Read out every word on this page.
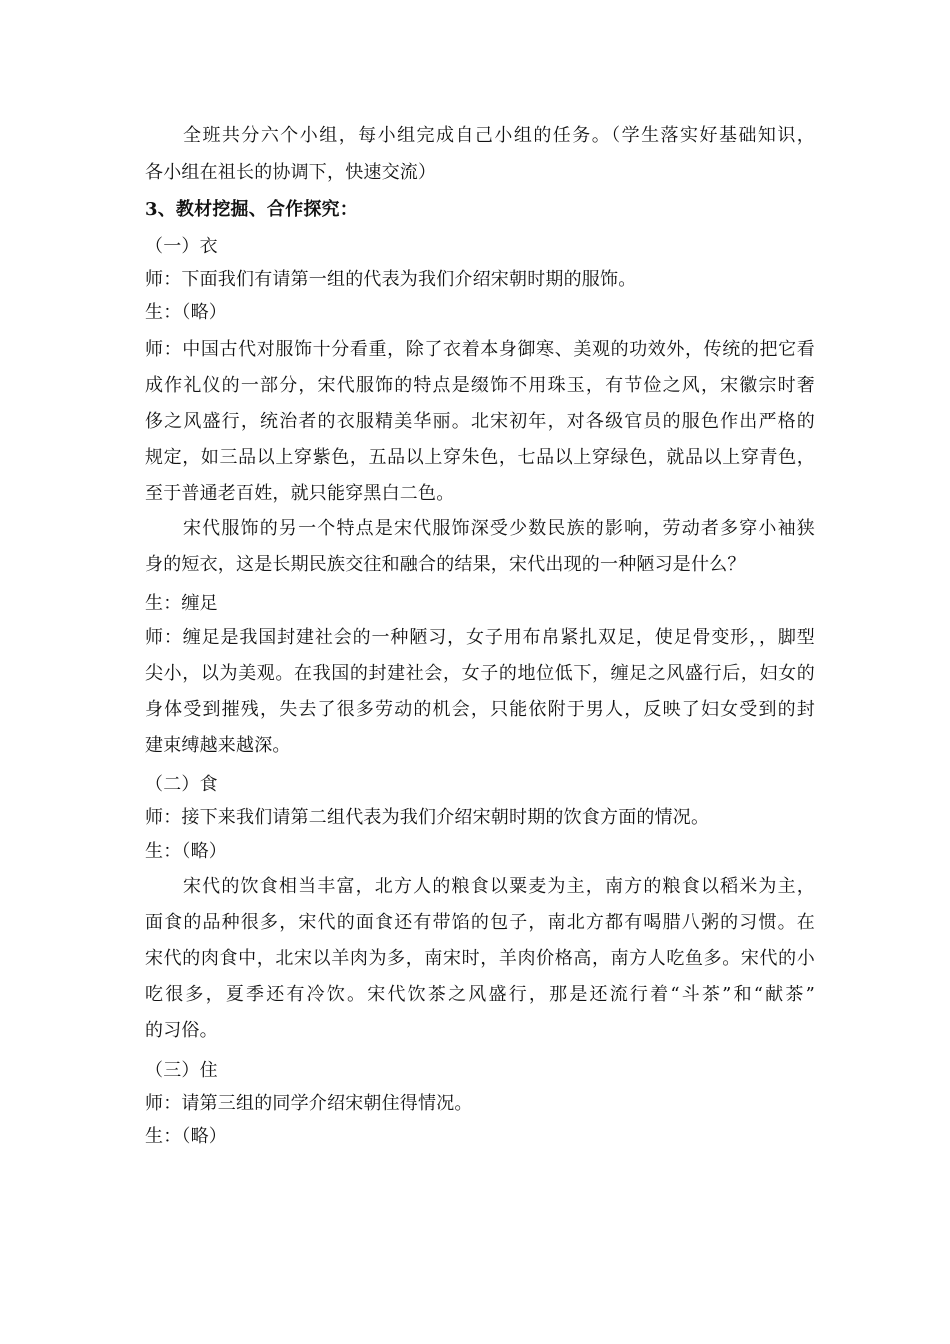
全班共分六个小组，每小组完成自己小组的任务。（学生落实好基础知识，
各小组在祖长的协调下，快速交流）
3、教材挖掘、合作探究：
（一）衣
师：下面我们有请第一组的代表为我们介绍宋朝时期的服饰。
生：（略）
师：中国古代对服饰十分看重，除了衣着本身御寒、美观的功效外，传统的把它看
成作礼仪的一部分，宋代服饰的特点是缀饰不用珠玉，有节俭之风，宋徽宗时奢
侈之风盛行，统治者的衣服精美华丽。北宋初年，对各级官员的服色作出严格的
规定，如三品以上穿紫色，五品以上穿朱色，七品以上穿绿色，就品以上穿青色，
至于普通老百姓，就只能穿黑白二色。
宋代服饰的另一个特点是宋代服饰深受少数民族的影响，劳动者多穿小袖狭
身的短衣，这是长期民族交往和融合的结果，宋代出现的一种陋习是什么？
生：缠足
师：缠足是我国封建社会的一种陋习，女子用布帛紧扎双足，使足骨变形，，脚型
尖小，以为美观。在我国的封建社会，女子的地位低下，缠足之风盛行后，妇女的
身体受到摧残，失去了很多劳动的机会，只能依附于男人，反映了妇女受到的封
建束缚越来越深。
（二）食
师：接下来我们请第二组代表为我们介绍宋朝时期的饮食方面的情况。
生：（略）
宋代的饮食相当丰富，北方人的粮食以粟麦为主，南方的粮食以稻米为主，
面食的品种很多，宋代的面食还有带馅的包子，南北方都有喝腊八粥的习惯。在
宋代的肉食中，北宋以羊肉为多，南宋时，羊肉价格高，南方人吃鱼多。宋代的小
吃很多，夏季还有冷饮。宋代饮茶之风盛行，那是还流行着“斗茶”和“献茶”
的习俗。
（三）住
师：请第三组的同学介绍宋朝住得情况。
生：（略）
